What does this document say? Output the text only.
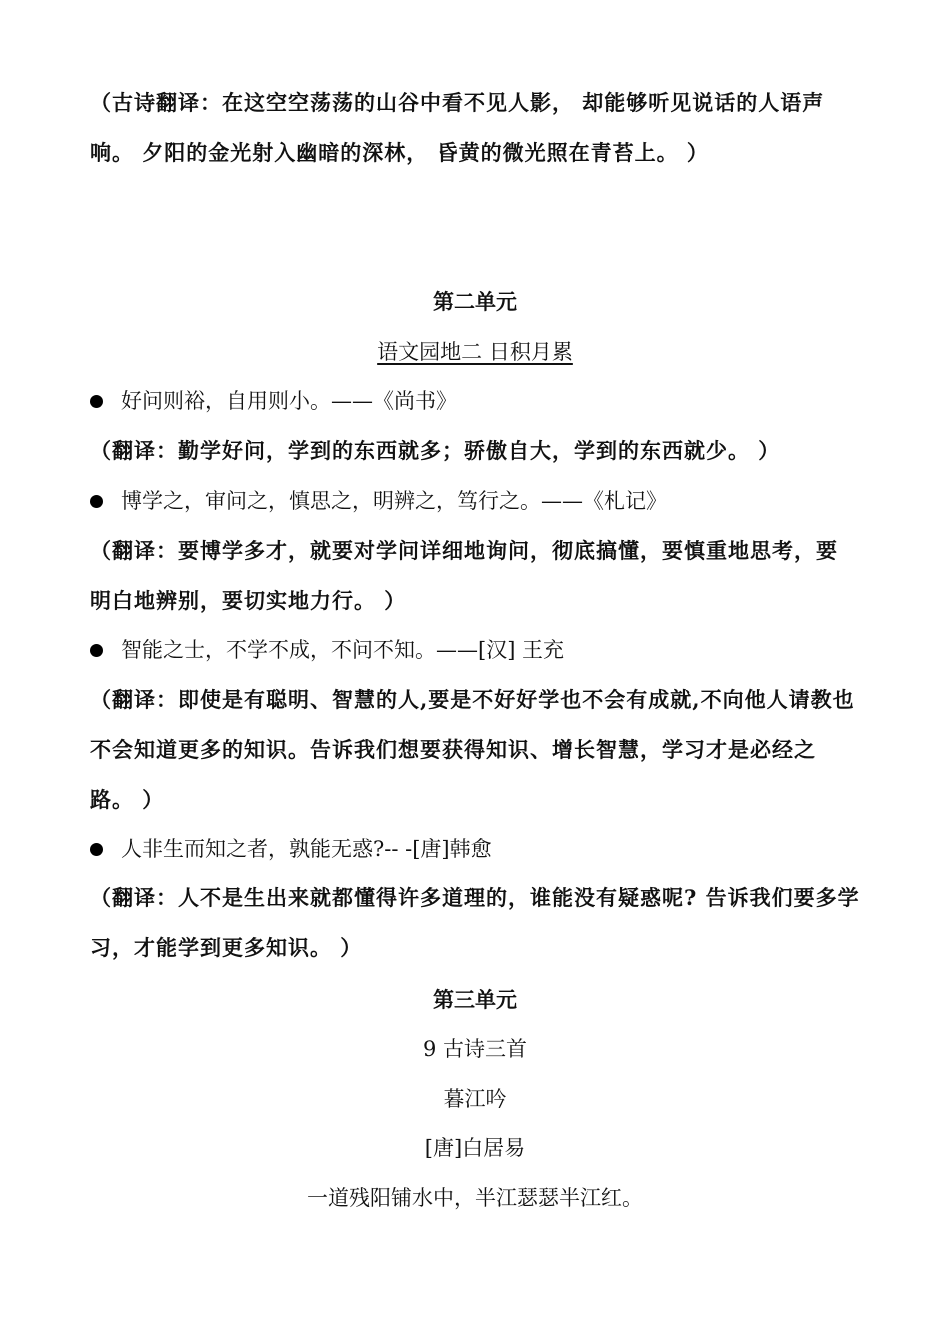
（古诗翻译：在这空空荡荡的山谷中看不见人影， 却能够听见说话的人语声
响。 夕阳的金光射入幽暗的深林， 昏黄的微光照在青苔上。 ）
第二单元
语文园地二 日积月累
好问则裕，自用则小。——《尚书》
（翻译：勤学好问，学到的东西就多；骄傲自大，学到的东西就少。 ）
博学之，审问之，慎思之，明辨之，笃行之。——《札记》
（翻译：要博学多才，就要对学问详细地询问，彻底搞懂，要慎重地思考，要
明白地辨别，要切实地力行。 ）
智能之士，不学不成，不问不知。——[汉] 王充
（翻译：即使是有聪明、智慧的人,要是不好好学也不会有成就,不向他人请教也
不会知道更多的知识。告诉我们想要获得知识、增长智慧，学习才是必经之
路。 ）
人非生而知之者，孰能无惑?-- -[唐]韩愈
（翻译：人不是生出来就都懂得许多道理的，谁能没有疑惑呢? 告诉我们要多学
习，才能学到更多知识。 ）
第三单元
9 古诗三首
暮江吟
[唐]白居易
一道残阳铺水中，半江瑟瑟半江红。
